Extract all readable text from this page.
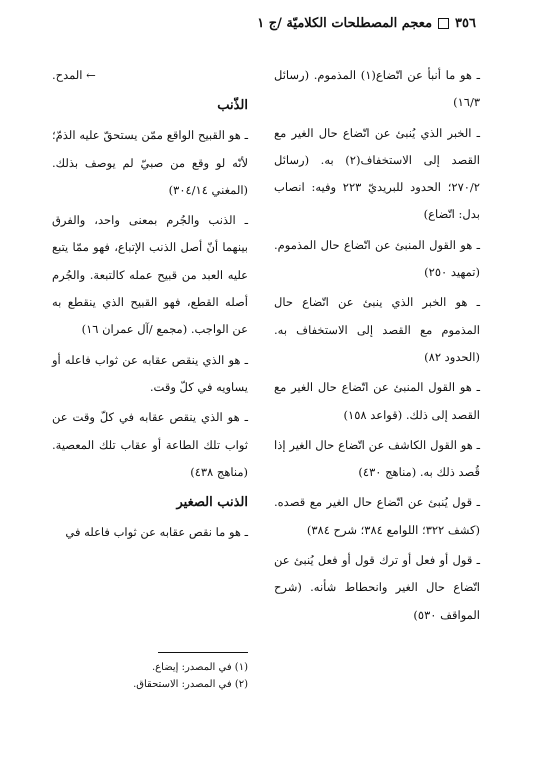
٣٥٦
معجم المصطلحات الكلاميّة /ج ١

ـ هو ما أنبأ عن اتّضاع(١) المذموم. (رسائل ١٦/٣)

ـ الخبر الذي يُنبئ عن اتّضاع حال الغير مع القصد إلى الاستخفاف(٢) به. (رسائل ٢٧٠/٢؛ الحدود للبريديّ ٢٢٣ وفيه: انصاب بدل: اتّضاع)

ـ هو القول المنبئ عن اتّضاع حال المذموم. (تمهيد ٢٥٠)

ـ هو الخبر الذي ينبئ عن اتّضاع حال المذموم مع القصد إلى الاستخفاف به. (الحدود ٨٢)

ـ هو القول المنبئ عن اتّضاع حال الغير مع القصد إلى ذلك. (قواعد ١٥٨)

ـ هو القول الكاشف عن اتّضاع حال الغير إذا قُصد ذلك به. (مناهج ٤٣٠)

ـ قول يُنبئ عن اتّضاع حال الغير مع قصده. (كشف ٣٢٢؛ اللوامع ٣٨٤؛ شرح ٣٨٤)

ـ قول أو فعل أو ترك قول أو فعل يُنبئ عن اتّضاع حال الغير وانحطاط شأنه. (شرح المواقف ٥٣٠)

← المدح.

الذّنب

ـ هو القبيح الواقع ممّن يستحقّ عليه الذمّ؛ لأنّه لو وقع من صبيّ لم يوصف بذلك. (المغني ٣٠٤/١٤)

ـ الذنب والجُرم بمعنى واحد، والفرق بينهما أنّ أصل الذنب الإتباع، فهو ممّا يتبع عليه العبد من قبيح عمله كالتبعة. والجُرم أصله القطع، فهو القبيح الذي ينقطع به عن الواجب. (مجمع /آل عمران ١٦)

ـ هو الذي ينقص عقابه عن ثواب فاعله أو يساويه في كلّ وقت.

ـ هو الذي ينقص عقابه في كلّ وقت عن ثواب تلك الطاعة أو عقاب تلك المعصية. (مناهج ٤٣٨)

الذنب الصغير

ـ هو ما نقص عقابه عن ثواب فاعله في

(١) في المصدر: إيضاع.

(٢) في المصدر: الاستحقاق.
